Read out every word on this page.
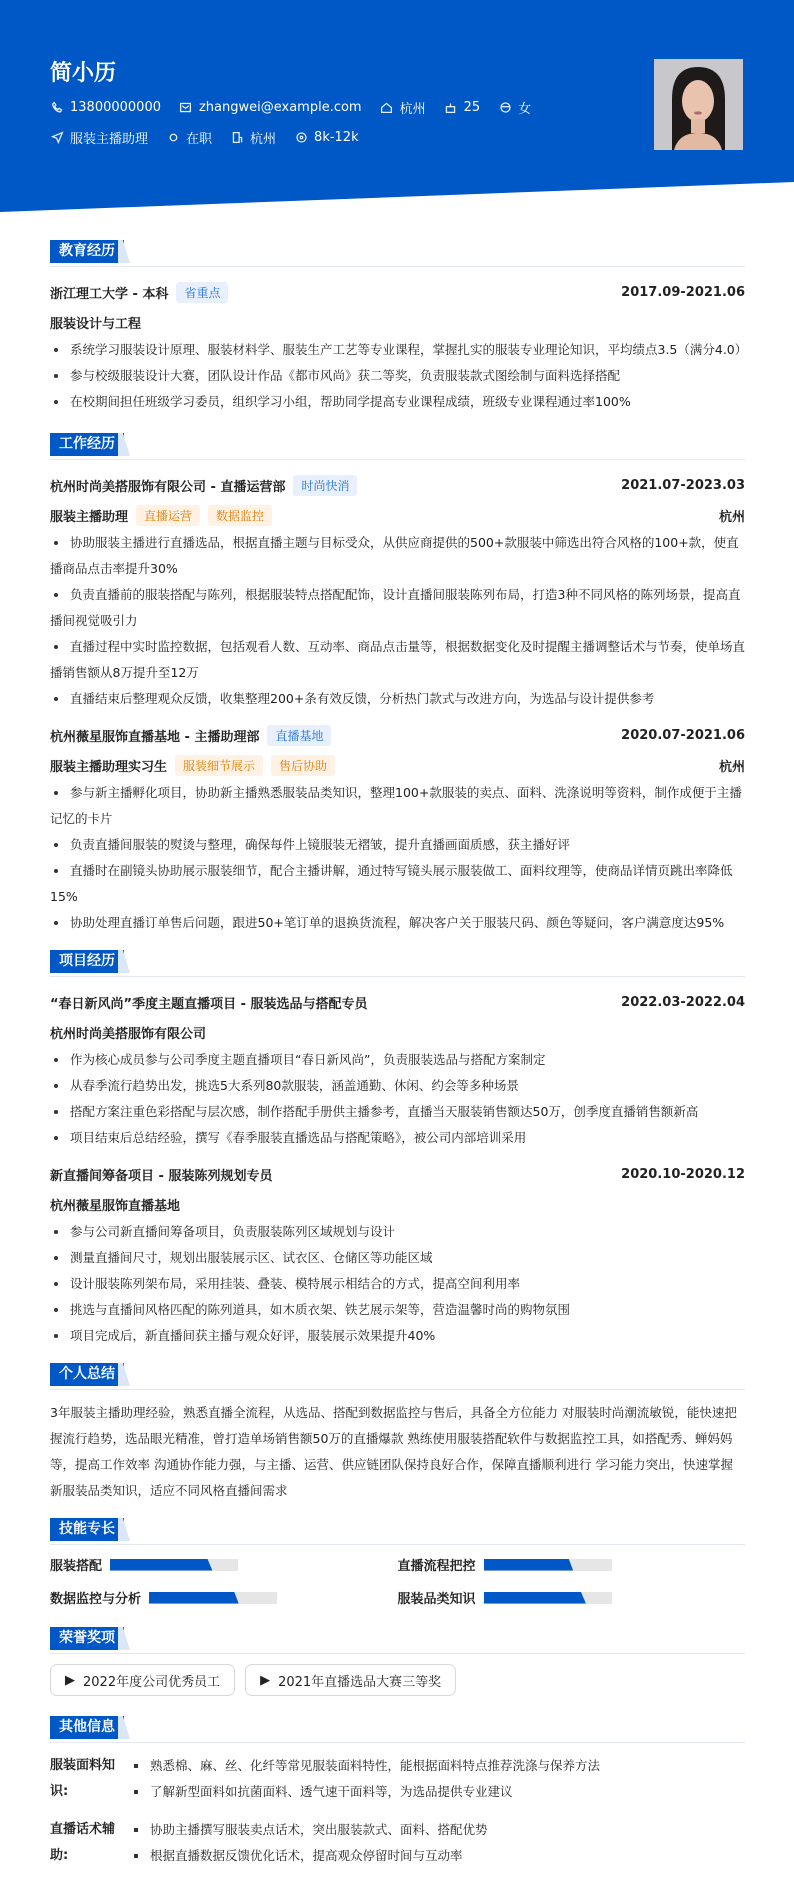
简小历
13800000000	zhangwei@example.com	杭州	25	女
服装主播助理	在职	杭州	8k-12k
教育经历
浙江理工大学 - 本科	省重点	2017.09-2021.06
服装设计与工程
系统学习服装设计原理、服装材料学、服装生产工艺等专业课程，掌握扎实的服装专业理论知识，平均绩点3.5（满分4.0）
参与校级服装设计大赛，团队设计作品《都市风尚》获二等奖，负责服装款式图绘制与面料选择搭配
在校期间担任班级学习委员，组织学习小组，帮助同学提高专业课程成绩，班级专业课程通过率100%
工作经历
杭州时尚美搭服饰有限公司 - 直播运营部	时尚快消	2021.07-2023.03
服装主播助理	直播运营	数据监控	杭州
协助服装主播进行直播选品，根据直播主题与目标受众，从供应商提供的500+款服装中筛选出符合风格的100+款，使直播商品点击率提升30%
负责直播前的服装搭配与陈列，根据服装特点搭配配饰，设计直播间服装陈列布局，打造3种不同风格的陈列场景，提高直播间视觉吸引力
直播过程中实时监控数据，包括观看人数、互动率、商品点击量等，根据数据变化及时提醒主播调整话术与节奏，使单场直播销售额从8万提升至12万
直播结束后整理观众反馈，收集整理200+条有效反馈，分析热门款式与改进方向，为选品与设计提供参考
杭州薇星服饰直播基地 - 主播助理部	直播基地	2020.07-2021.06
服装主播助理实习生	服装细节展示	售后协助	杭州
参与新主播孵化项目，协助新主播熟悉服装品类知识，整理100+款服装的卖点、面料、洗涤说明等资料，制作成便于主播记忆的卡片
负责直播间服装的熨烫与整理，确保每件上镜服装无褶皱，提升直播画面质感，获主播好评
直播时在副镜头协助展示服装细节，配合主播讲解，通过特写镜头展示服装做工、面料纹理等，使商品详情页跳出率降低15%
协助处理直播订单售后问题，跟进50+笔订单的退换货流程，解决客户关于服装尺码、颜色等疑问，客户满意度达95%
项目经历
“春日新风尚”季度主题直播项目 - 服装选品与搭配专员	2022.03-2022.04
杭州时尚美搭服饰有限公司
作为核心成员参与公司季度主题直播项目“春日新风尚”，负责服装选品与搭配方案制定
从春季流行趋势出发，挑选5大系列80款服装，涵盖通勤、休闲、约会等多种场景
搭配方案注重色彩搭配与层次感，制作搭配手册供主播参考，直播当天服装销售额达50万，创季度直播销售额新高
项目结束后总结经验，撰写《春季服装直播选品与搭配策略》，被公司内部培训采用
新直播间筹备项目 - 服装陈列规划专员	2020.10-2020.12
杭州薇星服饰直播基地
参与公司新直播间筹备项目，负责服装陈列区域规划与设计
测量直播间尺寸，规划出服装展示区、试衣区、仓储区等功能区域
设计服装陈列架布局，采用挂装、叠装、模特展示相结合的方式，提高空间利用率
挑选与直播间风格匹配的陈列道具，如木质衣架、铁艺展示架等，营造温馨时尚的购物氛围
项目完成后，新直播间获主播与观众好评，服装展示效果提升40%
个人总结
3年服装主播助理经验，熟悉直播全流程，从选品、搭配到数据监控与售后，具备全方位能力 对服装时尚潮流敏锐，能快速把握流行趋势，选品眼光精准，曾打造单场销售额50万的直播爆款 熟练使用服装搭配软件与数据监控工具，如搭配秀、蝉妈妈等，提高工作效率 沟通协作能力强，与主播、运营、供应链团队保持良好合作，保障直播顺利进行 学习能力突出，快速掌握新服装品类知识，适应不同风格直播间需求
技能专长
服装搭配	直播流程把控
数据监控与分析	服装品类知识
荣誉奖项
▶ 2022年度公司优秀员工	▶ 2021年直播选品大赛三等奖
其他信息
服装面料知识:
熟悉棉、麻、丝、化纤等常见服装面料特性，能根据面料特点推荐洗涤与保养方法
了解新型面料如抗菌面料、透气速干面料等，为选品提供专业建议
直播话术辅助:
协助主播撰写服装卖点话术，突出服装款式、面料、搭配优势
根据直播数据反馈优化话术，提高观众停留时间与互动率
